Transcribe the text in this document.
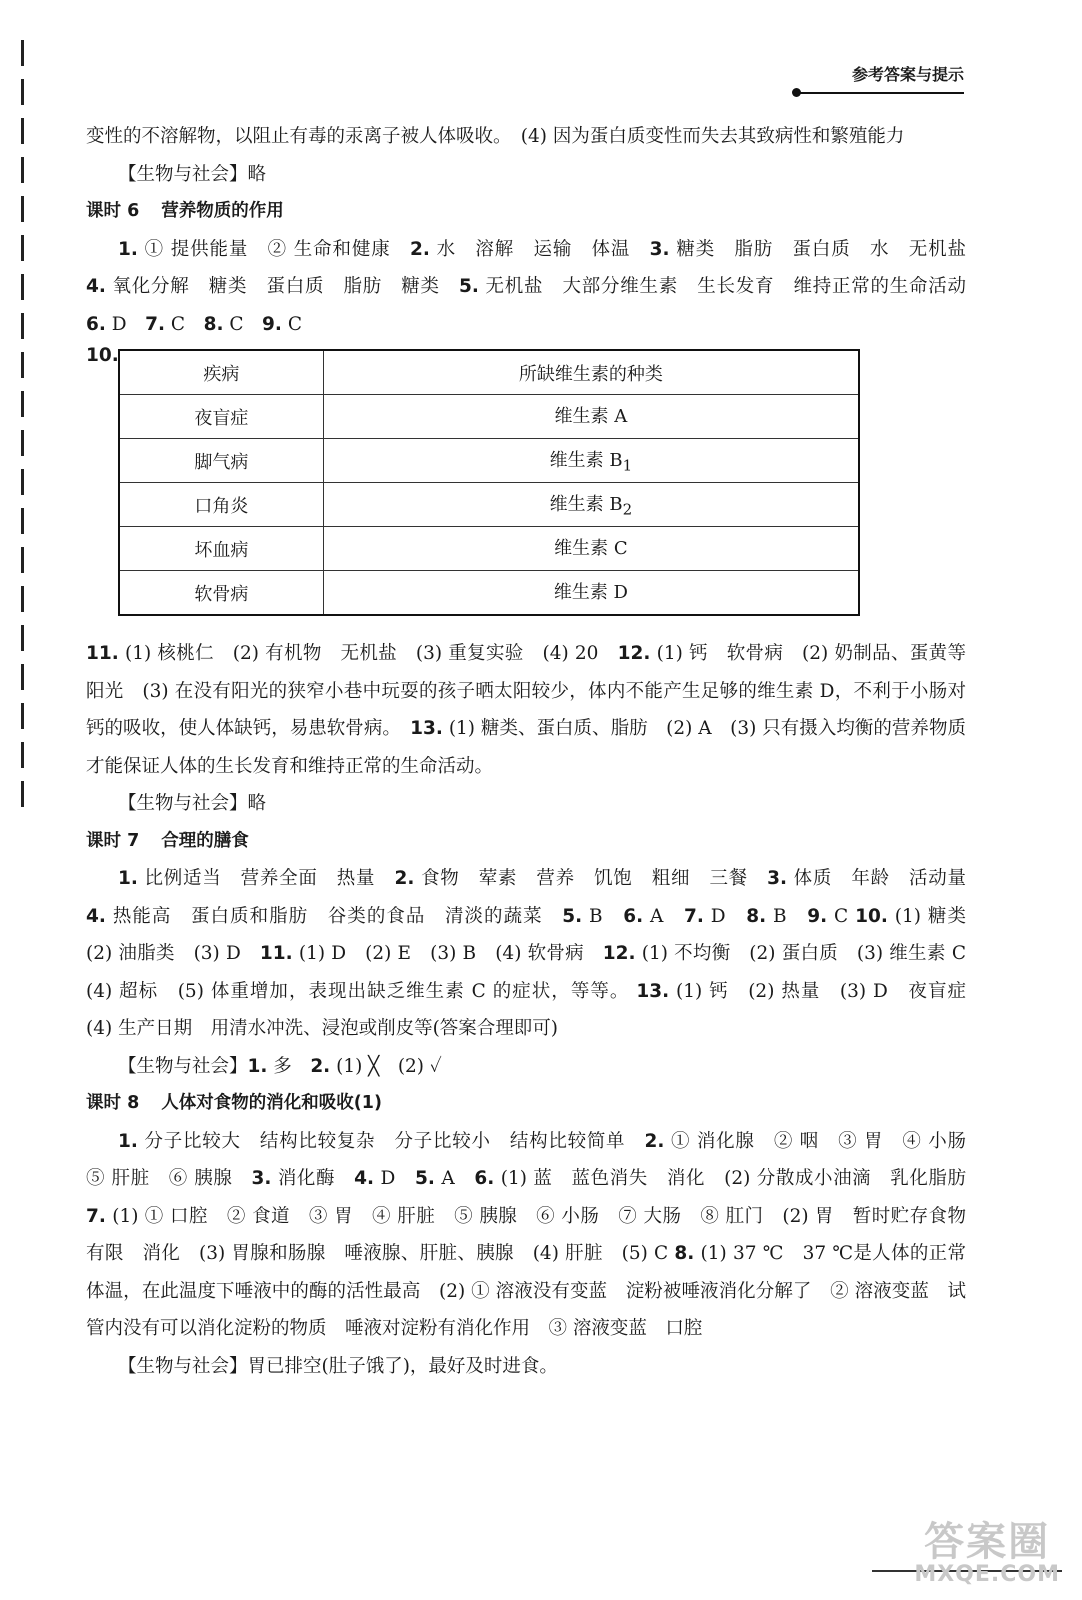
参考答案与提示

变性的不溶解物，以阻止有毒的汞离子被人体吸收。　(4) 因为蛋白质变性而失去其致病性和繁殖能力

【生物与社会】略

课时 6 营养物质的作用

1. ① 提供能量　② 生命和健康　2. 水　溶解　运输　体温　3. 糖类　脂肪　蛋白质　水　无机盐　4. 氧化分解　糖类　蛋白质　脂肪　糖类　5. 无机盐　大部分维生素　生长发育　维持正常的生命活动　6. D　7. C　8. C　9. C

10.
疾病	所缺维生素的种类
夜盲症	维生素 A
脚气病	维生素 $B_1$
口角炎	维生素 $B_2$
坏血病	维生素 C
软骨病	维生素 D

11. (1) 核桃仁　(2) 有机物　无机盐　(3) 重复实验　(4) 20　12. (1) 钙　软骨病　(2) 奶制品、蛋黄等　阳光　(3) 在没有阳光的狭窄小巷中玩耍的孩子晒太阳较少，体内不能产生足够的维生素 D，不利于小肠对钙的吸收，使人体缺钙，易患软骨病。　13. (1) 糖类、蛋白质、脂肪　(2) A　(3) 只有摄入均衡的营养物质才能保证人体的生长发育和维持正常的生命活动。

【生物与社会】略

课时 7 合理的膳食

1. 比例适当　营养全面　热量　2. 食物　荤素　营养　饥饱　粗细　三餐　3. 体质　年龄　活动量　4. 热能高　蛋白质和脂肪　谷类的食品　清淡的蔬菜　5. B　6. A　7. D　8. B　9. C 10. (1) 糖类　(2) 油脂类　(3) D　11. (1) D　(2) E　(3) B　(4) 软骨病　12. (1) 不均衡　(2) 蛋白质　(3) 维生素 C　(4) 超标　(5) 体重增加，表现出缺乏维生素 C 的症状，等等。 13. (1) 钙　(2) 热量　(3) D　夜盲症　(4) 生产日期　用清水冲洗、浸泡或削皮等(答案合理即可)

【生物与社会】1. 多　2. (1) ╳　(2) ✓

课时 8 人体对食物的消化和吸收(1)

1. 分子比较大　结构比较复杂　分子比较小　结构比较简单　2. ① 消化腺　② 咽　③ 胃　④ 小肠　⑤ 肝脏　⑥ 胰腺　3. 消化酶　4. D　5. A　6. (1) 蓝　蓝色消失　消化　(2) 分散成小油滴　乳化脂肪　7. (1) ① 口腔　② 食道　③ 胃　④ 肝脏　⑤ 胰腺　⑥ 小肠　⑦ 大肠　⑧ 肛门　(2) 胃　暂时贮存食物　有限　消化　(3) 胃腺和肠腺　唾液腺、肝脏、胰腺　(4) 肝脏　(5) C 8. (1) 37 ℃　37 ℃是人体的正常体温，在此温度下唾液中的酶的活性最高　(2) ① 溶液没有变蓝　淀粉被唾液消化分解了　② 溶液变蓝　试管内没有可以消化淀粉的物质　唾液对淀粉有消化作用　③ 溶液变蓝　口腔

【生物与社会】胃已排空(肚子饿了)，最好及时进食。

答案圈
MXQE.COM
